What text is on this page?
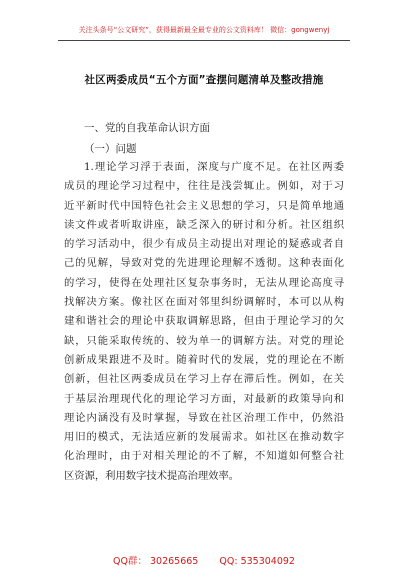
关注头条号“公文研究”，获得最新最全最专业的公文资料库！ 微信：gongwenyj
社区两委成员“五个方面”查摆问题清单及整改措施
一、党的自我革命认识方面
（一）问题
1.理论学习浮于表面，深度与广度不足。在社区两委
成员的理论学习过程中，往往是浅尝辄止。例如，对于习
近平新时代中国特色社会主义思想的学习，只是简单地通
读文件或者听取讲座，缺乏深入的研讨和分析。社区组织
的学习活动中，很少有成员主动提出对理论的疑惑或者自
己的见解，导致对党的先进理论理解不透彻。这种表面化
的学习，使得在处理社区复杂事务时，无法从理论高度寻
找解决方案。像社区在面对邻里纠纷调解时，本可以从构
建和谐社会的理论中获取调解思路，但由于理论学习的欠
缺，只能采取传统的、较为单一的调解方法。对党的理论
创新成果跟进不及时。随着时代的发展，党的理论在不断
创新，但社区两委成员在学习上存在滞后性。例如，在关
于基层治理现代化的理论学习方面，对最新的政策导向和
理论内涵没有及时掌握，导致在社区治理工作中，仍然沿
用旧的模式，无法适应新的发展需求。如社区在推动数字
化治理时，由于对相关理论的不了解，不知道如何整合社
区资源，利用数字技术提高治理效率。
QQ群： 30265665 QQ: 535304092
